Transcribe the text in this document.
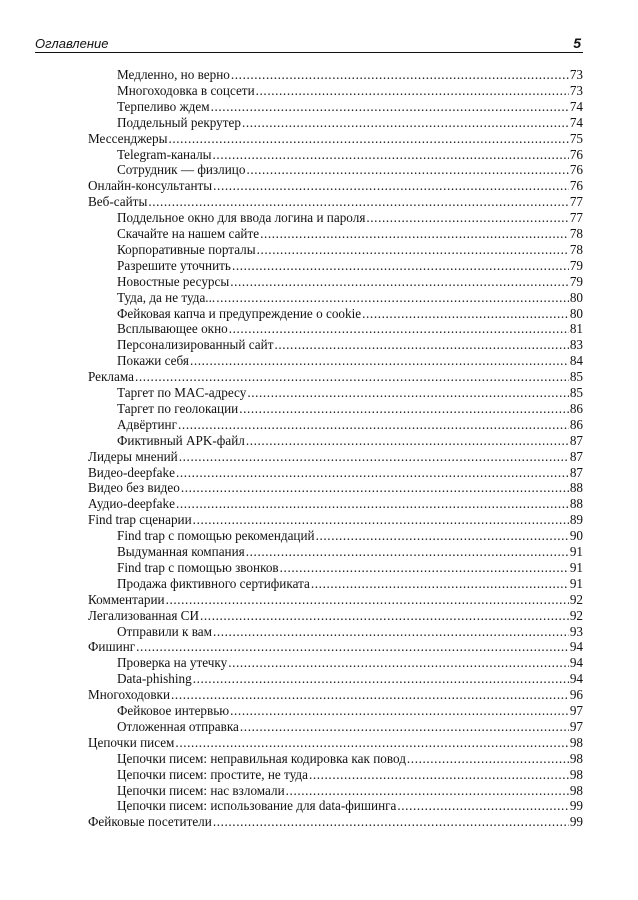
Оглавление	5
Медленно, но верно .....	73
Многоходовка в соцсети .....	73
Терпеливо ждем .....	74
Поддельный рекрутер .....	74
Мессенджеры .....	75
Telegram-каналы .....	76
Сотрудник — физлицо .....	76
Онлайн-консультанты .....	76
Веб-сайты .....	77
Поддельное окно для ввода логина и пароля .....	77
Скачайте на нашем сайте .....	78
Корпоративные порталы .....	78
Разрешите уточнить .....	79
Новостные ресурсы .....	79
Туда, да не туда... .....	80
Фейковая капча и предупреждение о cookie .....	80
Всплывающее окно .....	81
Персонализированный сайт .....	83
Покажи себя .....	84
Реклама .....	85
Таргет по MAC-адресу .....	85
Таргет по геолокации .....	86
Адвёртинг .....	86
Фиктивный APK-файл .....	87
Лидеры мнений .....	87
Видео-deepfake .....	87
Видео без видео .....	88
Аудио-deepfake .....	88
Find trap сценарии .....	89
Find trap с помощью рекомендаций .....	90
Выдуманная компания .....	91
Find trap с помощью звонков .....	91
Продажа фиктивного сертификата .....	91
Комментарии .....	92
Легализованная СИ .....	92
Отправили к вам .....	93
Фишинг .....	94
Проверка на утечку .....	94
Data-phishing .....	94
Многоходовки .....	96
Фейковое интервью .....	97
Отложенная отправка .....	97
Цепочки писем .....	98
Цепочки писем: неправильная кодировка как повод .....	98
Цепочки писем: простите, не туда .....	98
Цепочки писем: нас взломали .....	98
Цепочки писем: использование для data-фишинга .....	99
Фейковые посетители .....	99
